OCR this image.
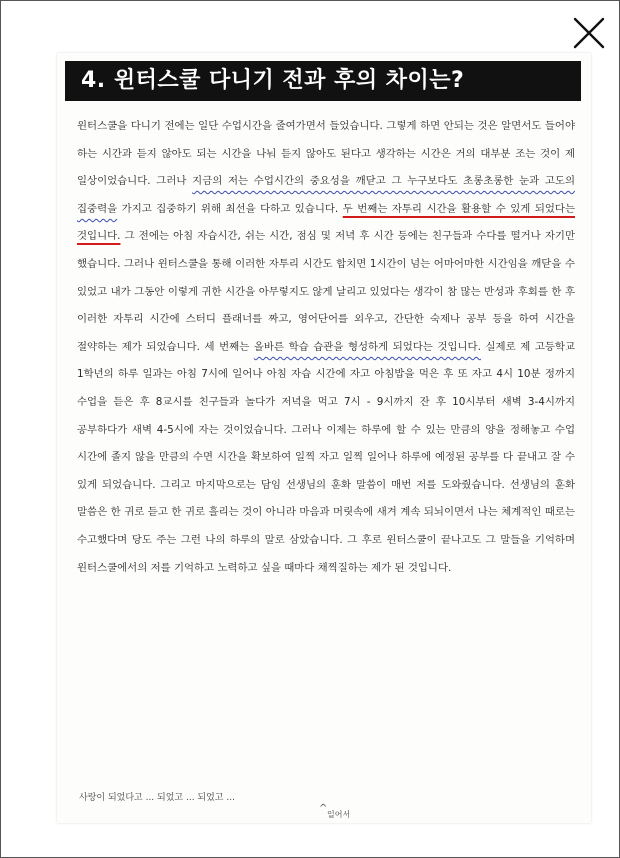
4. 윈터스쿨 다니기 전과 후의 차이는?
윈터스쿨을 다니기 전에는 일단 수업시간을 줄여가면서 들었습니다. 그렇게 하면 안되는 것은 알면서도 들어야 하는 시간과 듣지 않아도 되는 시간을 나눠 듣지 않아도 된다고 생각하는 시간은 거의 대부분 조는 것이 제 일상이었습니다. 그러나 지금의 저는 수업시간의 중요성을 깨닫고 그 누구보다도 초롱초롱한 눈과 고도의 집중력을 가지고 집중하기 위해 최선을 다하고 있습니다. 두 번째는 자투리 시간을 활용할 수 있게 되었다는 것입니다. 그 전에는 아침 자습시간, 쉬는 시간, 점심 및 저녁 후 시간 등에는 친구들과 수다를 떨거나 자기만 했습니다. 그러나 윈터스쿨을 통해 이러한 자투리 시간도 합치면 1시간이 넘는 어마어마한 시간임을 깨닫을 수 있었고 내가 그동안 이렇게 귀한 시간을 아무렇지도 않게 날리고 있었다는 생각이 참 많는 반성과 후회를 한 후 이러한 자투리 시간에 스터디 플래너를 짜고, 영어단어를 외우고, 간단한 숙제나 공부 등을 하여 시간을 절약하는 제가 되었습니다. 세 번째는 올바른 학습 습관을 형성하게 되었다는 것입니다. 실제로 제 고등학교 1학년의 하루 일과는 아침 7시에 일어나 아침 자습 시간에 자고 아침밥을 먹은 후 또 자고 4시 10분 정까지 수업을 듣은 후 8교시를 친구들과 놀다가 저녁을 먹고 7시 - 9시까지 잔 후 10시부터 새벽 3-4시까지 공부하다가 새벽 4-5시에 자는 것이었습니다. 그러나 이제는 하루에 할 수 있는 만큼의 양을 정해놓고 수업 시간에 졸지 않을 만큼의 수면 시간을 확보하여 일찍 자고 일찍 일어나 하루에 예정된 공부를 다 끝내고 잘 수 있게 되었습니다. 그리고 마지막으로는 담임 선생님의 훈화 말씀이 매번 저를 도와줬습니다. 선생님의 훈화 말씀은 한 귀로 듣고 한 귀로 흘리는 것이 아니라 마음과 머릿속에 새겨 계속 되뇌이면서 나는 체계적인 때로는 수고했다며 당도 주는 그런 나의 하루의 말로 삼았습니다. 그 후로 윈터스쿨이 끝나고도 그 말들을 기억하며 윈터스쿨에서의 저를 기억하고 노력하고 싶을 때마다 채찍질하는 제가 된 것입니다.
사랑이 되었다고 ... 되었고 ... 되었고 ...
^
일어서
